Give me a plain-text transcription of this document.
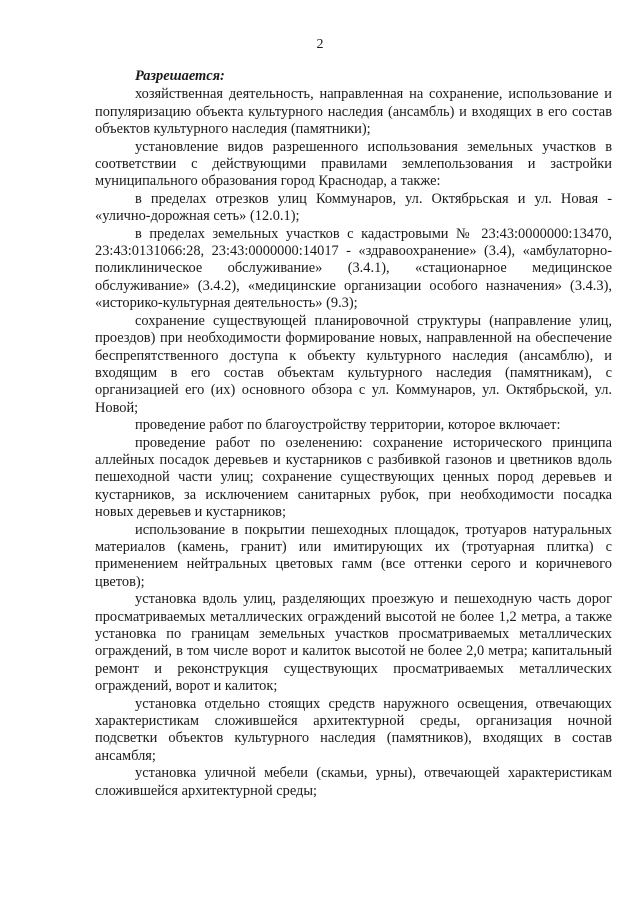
2

Разрешается:

хозяйственная деятельность, направленная на сохранение, использование и популяризацию объекта культурного наследия (ансамбль) и входящих в его состав объектов культурного наследия (памятники);

установление видов разрешенного использования земельных участков в соответствии с действующими правилами землепользования и застройки муниципального образования город Краснодар, а также:

в пределах отрезков улиц Коммунаров, ул. Октябрьская и ул. Новая - «улично-дорожная сеть» (12.0.1);

в пределах земельных участков с кадастровыми № 23:43:0000000:13470, 23:43:0131066:28, 23:43:0000000:14017 - «здравоохранение» (3.4), «амбулаторно-поликлиническое обслуживание» (3.4.1), «стационарное медицинское обслуживание» (3.4.2), «медицинские организации особого назначения» (3.4.3), «историко-культурная деятельность» (9.3);

сохранение существующей планировочной структуры (направление улиц, проездов) при необходимости формирование новых, направленной на обеспечение беспрепятственного доступа к объекту культурного наследия (ансамблю), и входящим в его состав объектам культурного наследия (памятникам), с организацией его (их) основного обзора с ул. Коммунаров, ул. Октябрьской, ул. Новой;

проведение работ по благоустройству территории, которое включает:

проведение работ по озеленению: сохранение исторического принципа аллейных посадок деревьев и кустарников с разбивкой газонов и цветников вдоль пешеходной части улиц; сохранение существующих ценных пород деревьев и кустарников, за исключением санитарных рубок, при необходимости посадка новых деревьев и кустарников;

использование в покрытии пешеходных площадок, тротуаров натуральных материалов (камень, гранит) или имитирующих их (тротуарная плитка) с применением нейтральных цветовых гамм (все оттенки серого и коричневого цветов);

установка вдоль улиц, разделяющих проезжую и пешеходную часть дорог просматриваемых металлических ограждений высотой не более 1,2 метра, а также установка по границам земельных участков просматриваемых металлических ограждений, в том числе ворот и калиток высотой не более 2,0 метра; капитальный ремонт и реконструкция существующих просматриваемых металлических ограждений, ворот и калиток;

установка отдельно стоящих средств наружного освещения, отвечающих характеристикам сложившейся архитектурной среды, организация ночной подсветки объектов культурного наследия (памятников), входящих в состав ансамбля;

установка уличной мебели (скамьи, урны), отвечающей характеристикам сложившейся архитектурной среды;
